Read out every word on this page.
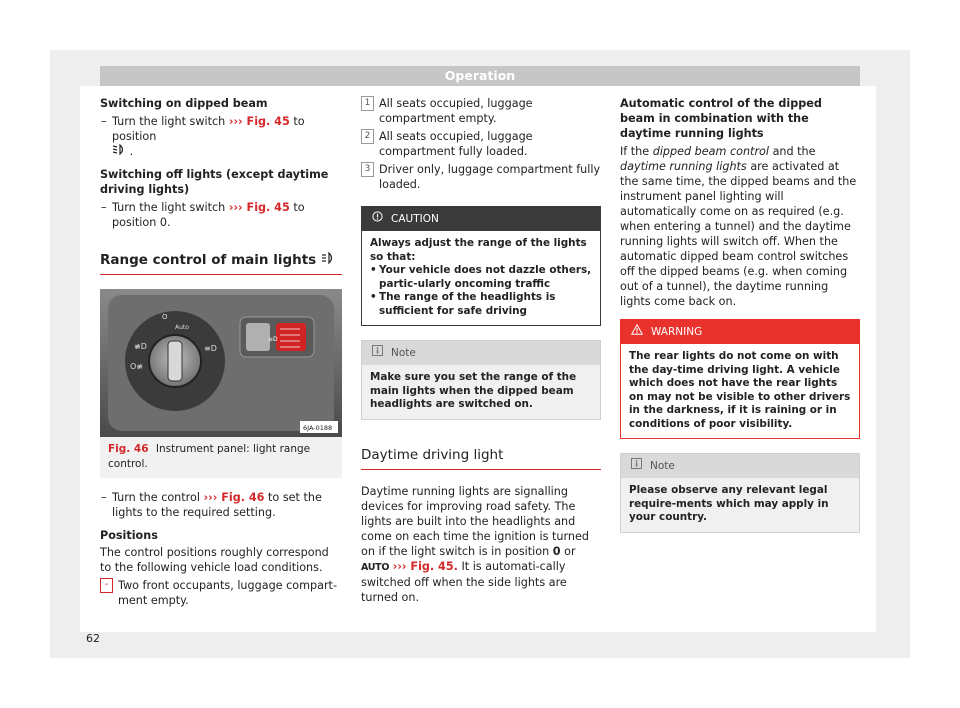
Operation

Switching on dipped beam

– Turn the light switch ››› Fig. 45 to position
.

Switching off lights (except daytime driving lights)

– Turn the light switch ››› Fig. 45 to position 0.
Range control of main lights
O
Auto
≢D
O≢
≡D
≡D
6JA-0188
Fig. 46 Instrument panel: light range control.
– Turn the control ››› Fig. 46 to set the lights to the required setting.

Positions

The control positions roughly correspond to the following vehicle load conditions.

- Two front occupants, luggage compart-ment empty.
1 All seats occupied, luggage compartment empty.
2 All seats occupied, luggage compartment fully loaded.
3 Driver only, luggage compartment fully loaded.
CAUTION
Always adjust the range of the lights so that:
• Your vehicle does not dazzle others, partic-ularly oncoming traffic
• The range of the headlights is sufficient for safe driving
Note
Make sure you set the range of the main lights when the dipped beam headlights are switched on.
Daytime driving light

Daytime running lights are signalling devices for improving road safety. The lights are built into the headlights and come on each time the ignition is turned on if the light switch is in position 0 or AUTO ››› Fig. 45. It is automati-cally switched off when the side lights are turned on.

Automatic control of the dipped beam in combination with the daytime running lights

If the dipped beam control and the daytime running lights are activated at the same time, the dipped beams and the instrument panel lighting will automatically come on as required (e.g. when entering a tunnel) and the daytime running lights will switch off. When the automatic dipped beam control switches off the dipped beams (e.g. when coming out of a tunnel), the daytime running lights come back on.

WARNING
The rear lights do not come on with the day-time driving light. A vehicle which does not have the rear lights on may not be visible to other drivers in the darkness, if it is raining or in conditions of poor visibility.
Note
Please observe any relevant legal require-ments which may apply in your country.
62
